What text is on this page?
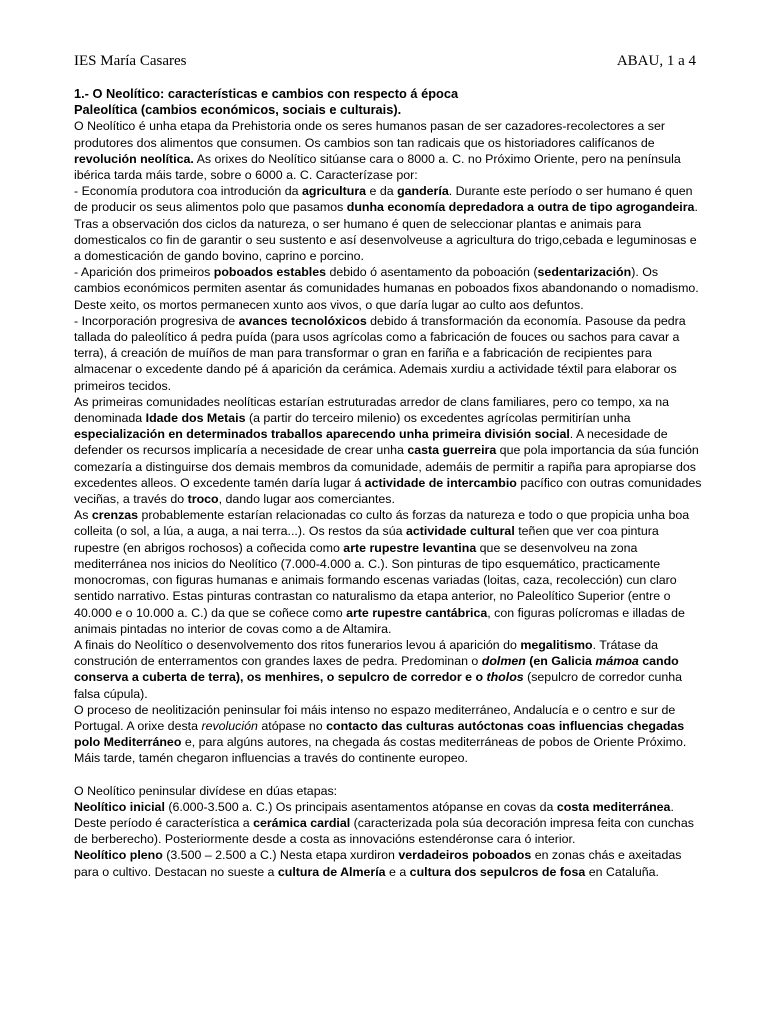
IES María Casares	ABAU, 1 a 4

1.- O Neolítico: características e cambios con respecto á época
Paleolítica (cambios económicos, sociais e culturais).

O Neolítico é unha etapa da Prehistoria onde os seres humanos pasan de ser cazadores-recolectores a ser produtores dos alimentos que consumen. Os cambios son tan radicais que os historiadores califícanos de revolución neolítica. As orixes do Neolítico sitúanse cara o 8000 a. C. no Próximo Oriente, pero na península ibérica tarda máis tarde, sobre o 6000 a. C. Caracterízase por:

- Economía produtora coa introdución da agricultura e da gandería. Durante este período o ser humano é quen de producir os seus alimentos polo que pasamos dunha economía depredadora a outra de tipo agrogandeira. Tras a observación dos ciclos da natureza, o ser humano é quen de seleccionar plantas e animais para domesticalos co fin de garantir o seu sustento e así desenvolveuse a agricultura do trigo,cebada e leguminosas e a domesticación de gando bovino, caprino e porcino.

- Aparición dos primeiros poboados estables debido ó asentamento da poboación (sedentarización). Os cambios económicos permiten asentar ás comunidades humanas en poboados fixos abandonando o nomadismo. Deste xeito, os mortos permanecen xunto aos vivos, o que daría lugar ao culto aos defuntos.

- Incorporación progresiva de avances tecnolóxicos debido á transformación da economía. Pasouse da pedra tallada do paleolítico á pedra puída (para usos agrícolas como a fabricación de fouces ou sachos para cavar a terra), á creación de muíños de man para transformar o gran en fariña e a fabricación de recipientes para almacenar o excedente dando pé á aparición da cerámica. Ademais xurdiu a actividade téxtil para elaborar os primeiros tecidos.

As primeiras comunidades neolíticas estarían estruturadas arredor de clans familiares, pero co tempo, xa na denominada Idade dos Metais (a partir do terceiro milenio) os excedentes agrícolas permitirían unha especialización en determinados traballos aparecendo unha primeira división social. A necesidade de defender os recursos implicaría a necesidade de crear unha casta guerreira que pola importancia da súa función comezaría a distinguirse dos demais membros da comunidade, ademáis de permitir a rapiña para apropiarse dos excedentes alleos. O excedente tamén daría lugar á actividade de intercambio pacífico con outras comunidades veciñas, a través do troco, dando lugar aos comerciantes.

As crenzas probablemente estarían relacionadas co culto ás forzas da natureza e todo o que propicia unha boa colleita (o sol, a lúa, a auga, a nai terra...). Os restos da súa actividade cultural teñen que ver coa pintura rupestre (en abrigos rochosos) a coñecida como arte rupestre levantina que se desenvolveu na zona mediterránea nos inicios do Neolítico (7.000-4.000 a. C.). Son pinturas de tipo esquemático, practicamente monocromas, con figuras humanas e animais formando escenas variadas (loitas, caza, recolección) cun claro sentido narrativo. Estas pinturas contrastan co naturalismo da etapa anterior, no Paleolítico Superior (entre o 40.000 e o 10.000 a. C.) da que se coñece como arte rupestre cantábrica, con figuras polícromas e illadas de animais pintadas no interior de covas como a de Altamira.

A finais do Neolítico o desenvolvemento dos ritos funerarios levou á aparición do megalitismo. Trátase da construción de enterramentos con grandes laxes de pedra. Predominan o dolmen (en Galicia mámoa cando conserva a cuberta de terra), os menhires, o sepulcro de corredor e o tholos (sepulcro de corredor cunha falsa cúpula).

O proceso de neolitización peninsular foi máis intenso no espazo mediterráneo, Andalucía e o centro e sur de Portugal. A orixe desta revolución atópase no contacto das culturas autóctonas coas influencias chegadas polo Mediterráneo e, para algúns autores, na chegada ás costas mediterráneas de pobos de Oriente Próximo. Máis tarde, tamén chegaron influencias a través do continente europeo.

O Neolítico peninsular divídese en dúas etapas:

Neolítico inicial (6.000-3.500 a. C.) Os principais asentamentos atópanse en covas da costa mediterránea. Deste período é característica a cerámica cardial (caracterizada pola súa decoración impresa feita con cunchas de berberecho). Posteriormente desde a costa as innovacións estendéronse cara ó interior.

Neolítico pleno (3.500 – 2.500 a C.) Nesta etapa xurdiron verdadeiros poboados en zonas chás e axeitadas para o cultivo. Destacan no sueste a cultura de Almería e a cultura dos sepulcros de fosa en Cataluña.
